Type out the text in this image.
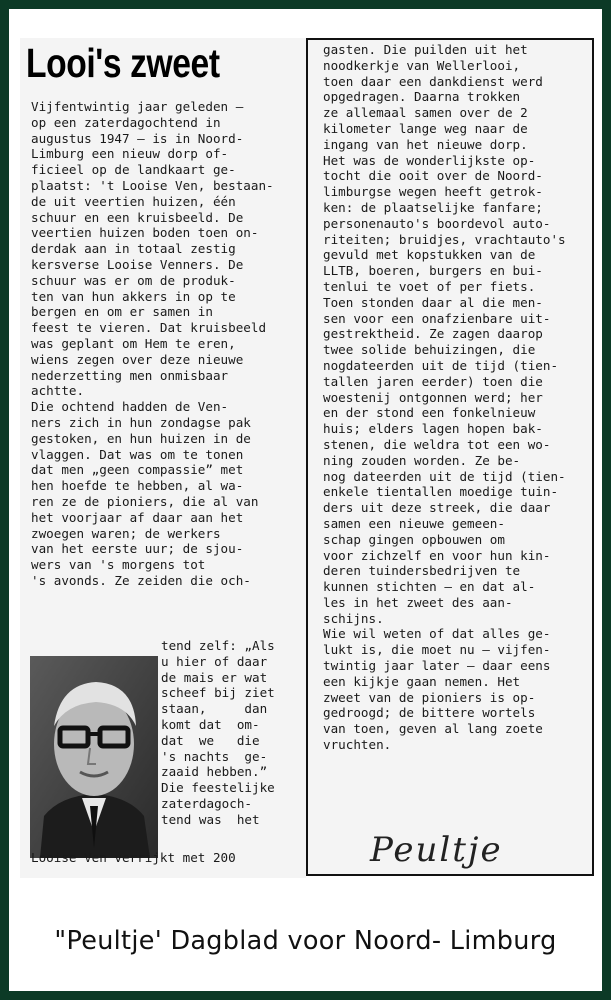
Looi's zweet
Vijfentwintig jaar geleden —
op een zaterdagochtend in
augustus 1947 — is in Noord-
Limburg een nieuw dorp of-
ficieel op de landkaart ge-
plaatst: 't Looise Ven, bestaan-
de uit veertien huizen, één
schuur en een kruisbeeld. De
veertien huizen boden toen on-
derdak aan in totaal zestig
kersverse Looise Venners. De
schuur was er om de produk-
ten van hun akkers in op te
bergen en om er samen in
feest te vieren. Dat kruisbeeld
was geplant om Hem te eren,
wiens zegen over deze nieuwe
nederzetting men onmisbaar
achtte.
Die ochtend hadden de Ven-
ners zich in hun zondagse pak
gestoken, en hun huizen in de
vlaggen. Dat was om te tonen
dat men „geen compassie” met
hen hoefde te hebben, al wa-
ren ze de pioniers, die al van
het voorjaar af daar aan het
zwoegen waren; de werkers
van het eerste uur; de sjou-
wers van 's morgens tot
's avonds. Ze zeiden die och-
tend zelf: „Als
u hier of daar
de mais er wat
scheef bij ziet
staan,     dan
komt dat  om-
dat  we   die
's nachts  ge-
zaaid hebben.”
Die feestelijke
zaterdagoch-
tend was  het
Looise Ven verrijkt met 200
gasten. Die puilden uit het
noodkerkje van Wellerlooi,
toen daar een dankdienst werd
opgedragen. Daarna trokken
ze allemaal samen over de 2
kilometer lange weg naar de
ingang van het nieuwe dorp.
Het was de wonderlijkste op-
tocht die ooit over de Noord-
limburgse wegen heeft getrok-
ken: de plaatselijke fanfare;
personenauto's boordevol auto-
riteiten; bruidjes, vrachtauto's
gevuld met kopstukken van de
LLTB, boeren, burgers en bui-
tenlui te voet of per fiets.
Toen stonden daar al die men-
sen voor een onafzienbare uit-
gestrektheid. Ze zagen daarop
twee solide behuizingen, die
nogdateerden uit de tijd (tien-
tallen jaren eerder) toen die
woestenij ontgonnen werd; her
en der stond een fonkelnieuw
huis; elders lagen hopen bak-
stenen, die weldra tot een wo-
ning zouden worden. Ze be-
nog dateerden uit de tijd (tien-
enkele tientallen moedige tuin-
ders uit deze streek, die daar
samen een nieuwe gemeen-
schap gingen opbouwen om
voor zichzelf en voor hun kin-
deren tuindersbedrijven te
kunnen stichten — en dat al-
les in het zweet des aan-
schijns.
Wie wil weten of dat alles ge-
lukt is, die moet nu — vijfen-
twintig jaar later — daar eens
een kijkje gaan nemen. Het
zweet van de pioniers is op-
gedroogd; de bittere wortels
van toen, geven al lang zoete
vruchten.
Peultje
"Peultje' Dagblad voor Noord- Limburg
